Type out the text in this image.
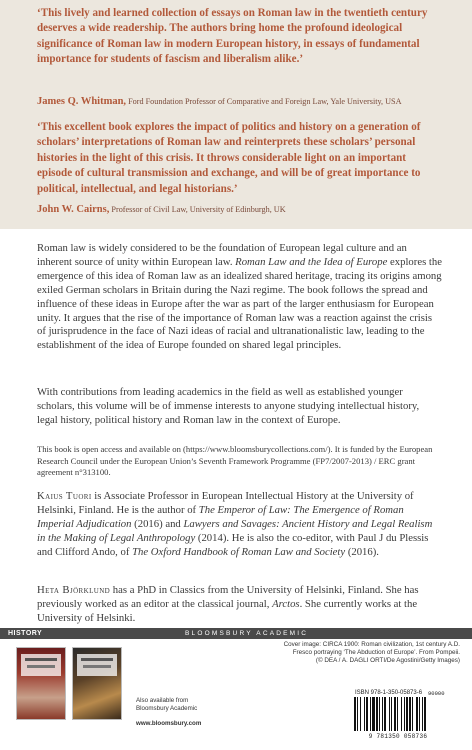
‘This lively and learned collection of essays on Roman law in the twentieth century deserves a wide readership. The authors bring home the profound ideological significance of Roman law in modern European history, in essays of fundamental importance for students of fascism and liberalism alike.’

James Q. Whitman, Ford Foundation Professor of Comparative and Foreign Law, Yale University, USA

‘This excellent book explores the impact of politics and history on a generation of scholars’ interpretations of Roman law and reinterprets these scholars’ personal histories in the light of this crisis. It throws considerable light on an important episode of cultural transmission and exchange, and will be of great importance to political, intellectual, and legal historians.’

John W. Cairns, Professor of Civil Law, University of Edinburgh, UK

Roman law is widely considered to be the foundation of European legal culture and an inherent source of unity within European law. Roman Law and the Idea of Europe explores the emergence of this idea of Roman law as an idealized shared heritage, tracing its origins among exiled German scholars in Britain during the Nazi regime. The book follows the spread and influence of these ideas in Europe after the war as part of the larger enthusiasm for European unity. It argues that the rise of the importance of Roman law was a reaction against the crisis of jurisprudence in the face of Nazi ideas of racial and ultranationalistic law, leading to the establishment of the idea of Europe founded on shared legal principles.

With contributions from leading academics in the field as well as established younger scholars, this volume will be of immense interests to anyone studying intellectual history, legal history, political history and Roman law in the context of Europe.

This book is open access and available on (https://www.bloomsburycollections.com/). It is funded by the European Research Council under the European Union’s Seventh Framework Programme (FP7/2007-2013) / ERC grant agreement n°313100.

Kaius Tuori is Associate Professor in European Intellectual History at the University of Helsinki, Finland. He is the author of The Emperor of Law: The Emergence of Roman Imperial Adjudication (2016) and Lawyers and Savages: Ancient History and Legal Realism in the Making of Legal Anthropology (2014). He is also the co-editor, with Paul J du Plessis and Clifford Ando, of The Oxford Handbook of Roman Law and Society (2016).

Heta Björklund has a PhD in Classics from the University of Helsinki, Finland. She has previously worked as an editor at the classical journal, Arctos. She currently works at the University of Helsinki.

HISTORY	BLOOMSBURY ACADEMIC
Also available from
Bloomsbury Academic
www.bloomsbury.com
Cover image: CIRCA 1900: Roman civilization, 1st century A.D.
Fresco portraying ‘The Abduction of Europe’. From Pompeii.
(© DEA / A. DAGLI ORTI/De Agostini/Getty Images)
ISBN 978-1-350-05873-6 90000
9 781350 058736
